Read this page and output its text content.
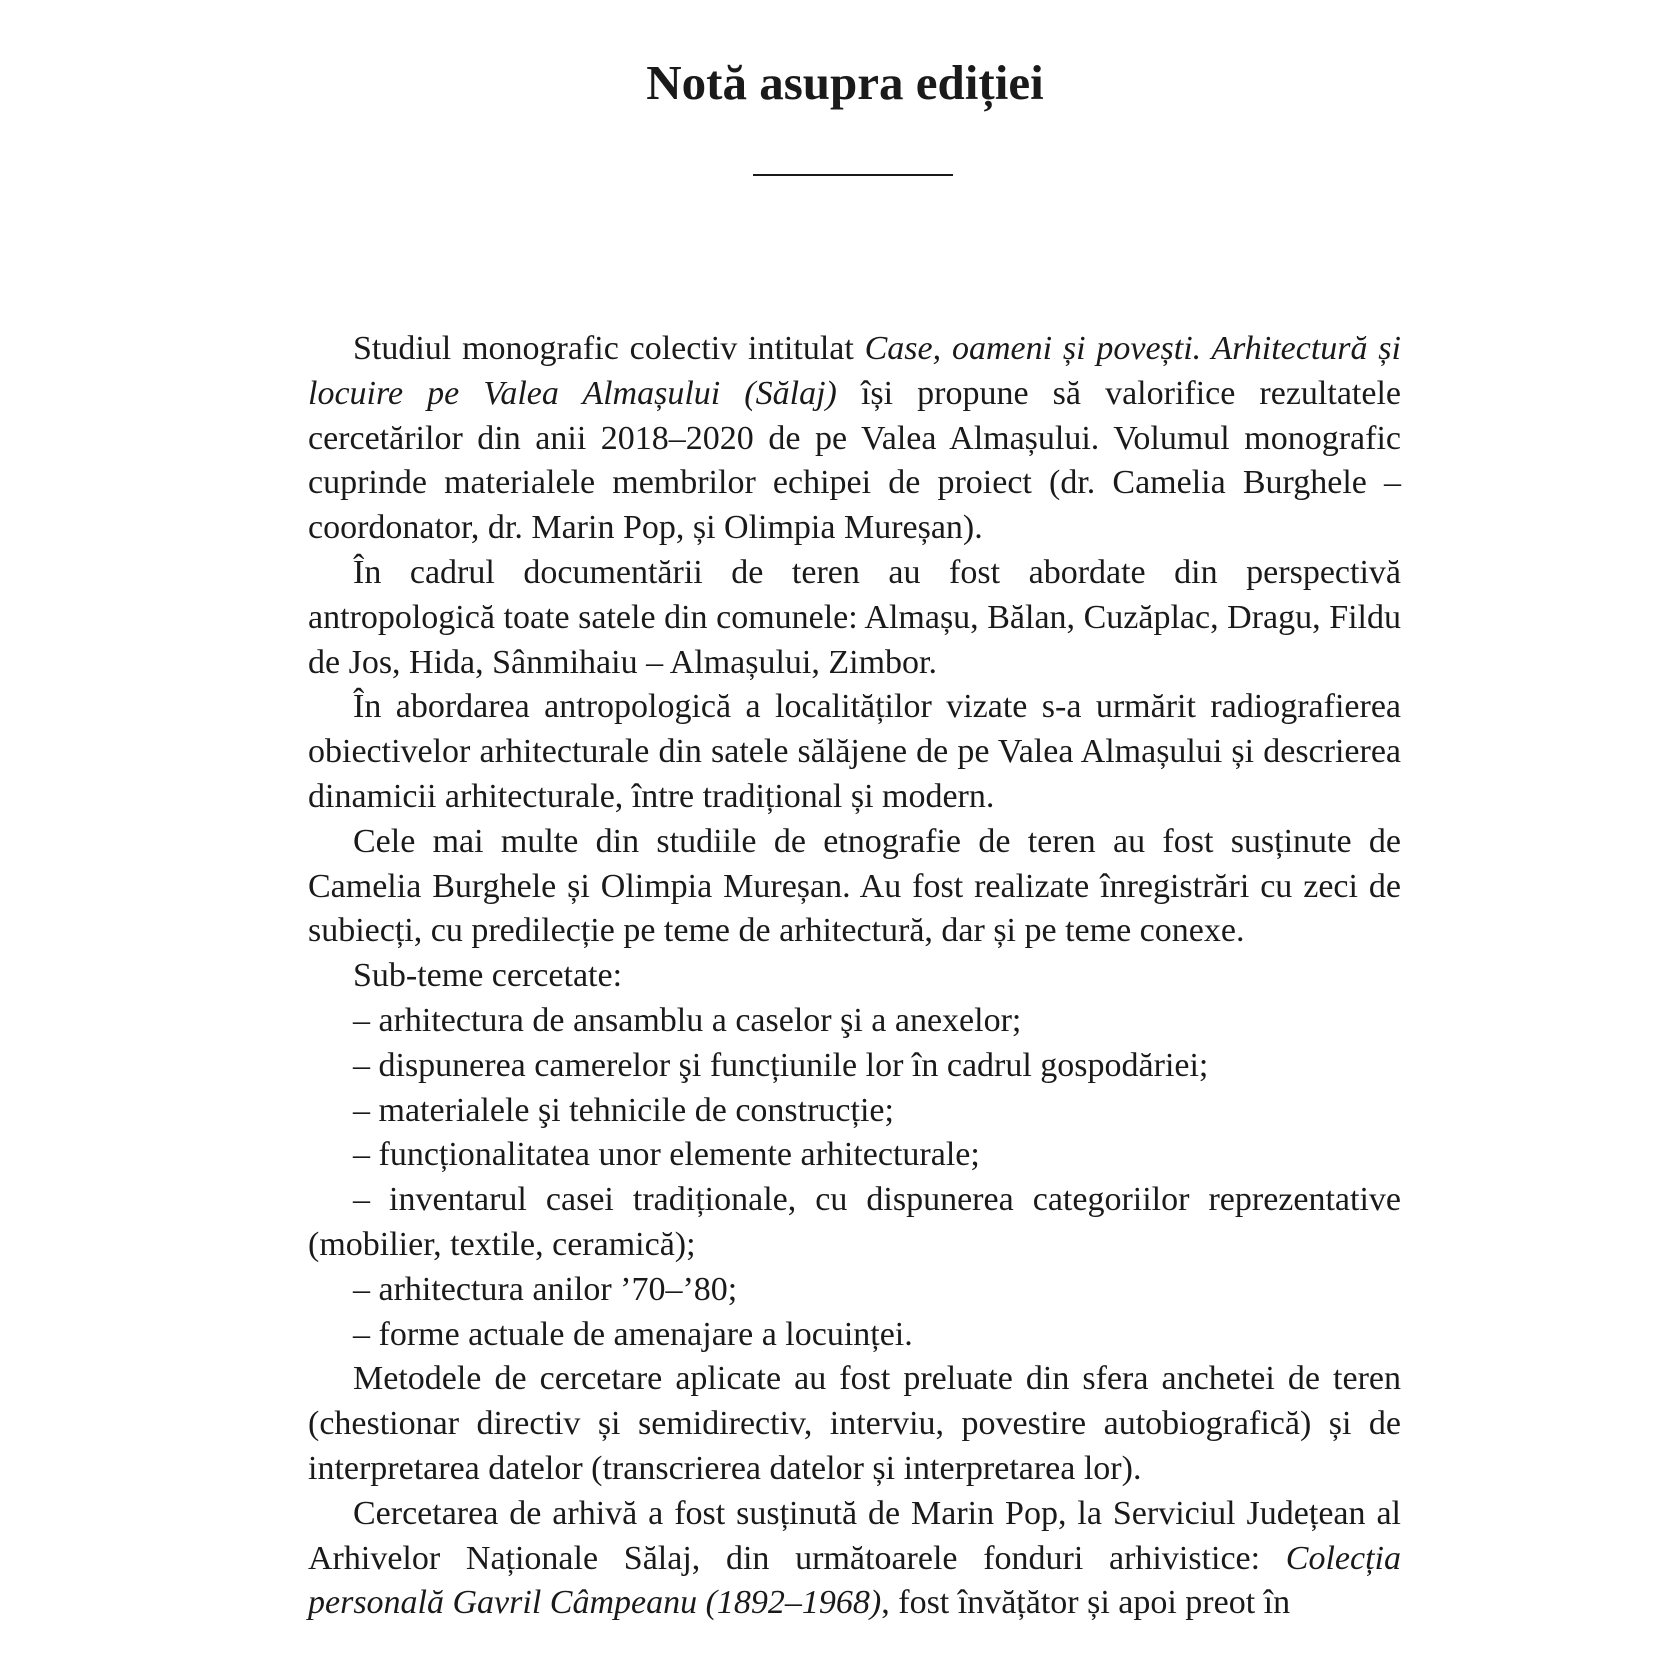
Notă asupra ediției

Studiul monografic colectiv intitulat Case, oameni și povești. Arhitectură și locuire pe Valea Almașului (Sălaj) își propune să valorifice rezultatele cercetărilor din anii 2018–2020 de pe Valea Almașului. Volumul monografic cuprinde materialele membrilor echipei de proiect (dr. Camelia Burghele – coordonator, dr. Marin Pop, și Olimpia Mureșan).

În cadrul documentării de teren au fost abordate din perspectivă antropologică toate satele din comunele: Almașu, Bălan, Cuzăplac, Dragu, Fildu de Jos, Hida, Sânmihaiu – Almașului, Zimbor.

În abordarea antropologică a localităților vizate s-a urmărit radiografierea obiectivelor arhitecturale din satele sălăjene de pe Valea Almașului și descrierea dinamicii arhitecturale, între tradițional și modern.

Cele mai multe din studiile de etnografie de teren au fost susținute de Camelia Burghele și Olimpia Mureșan. Au fost realizate înregistrări cu zeci de subiecți, cu predilecție pe teme de arhitectură, dar și pe teme conexe.

Sub-teme cercetate:

– arhitectura de ansamblu a caselor şi a anexelor;

– dispunerea camerelor şi funcțiunile lor în cadrul gospodăriei;

– materialele şi tehnicile de construcție;

– funcționalitatea unor elemente arhitecturale;

– inventarul casei tradiționale, cu dispunerea categoriilor reprezentative (mobilier, textile, ceramică);

– arhitectura anilor ’70–’80;

– forme actuale de amenajare a locuinței.

Metodele de cercetare aplicate au fost preluate din sfera anchetei de teren (chestionar directiv și semidirectiv, interviu, povestire autobiografică) și de interpretarea datelor (transcrierea datelor și interpretarea lor).

Cercetarea de arhivă a fost susținută de Marin Pop, la Serviciul Județean al Arhivelor Naționale Sălaj, din următoarele fonduri arhivistice: Colecția personală Gavril Câmpeanu (1892–1968), fost învățător și apoi preot în
